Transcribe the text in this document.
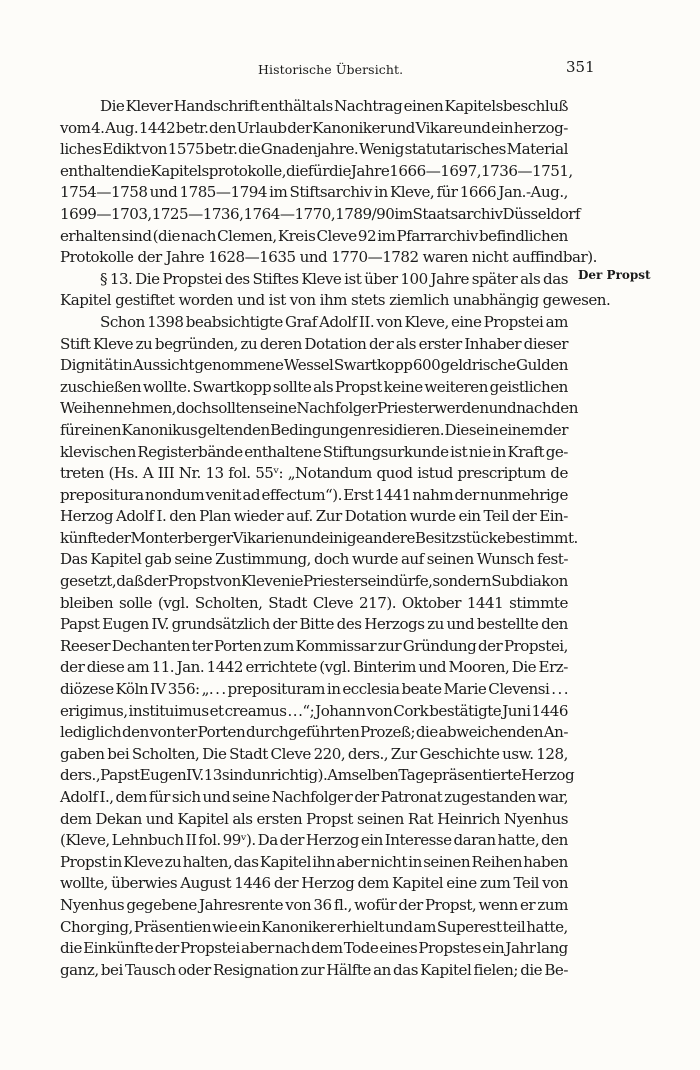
Historische Übersicht.	351
Der Propst
Die Klever Handschrift enthält als Nachtrag einen Kapitelsbeschluß
vom 4. Aug. 1442 betr. den Urlaub der Kanoniker und Vikare und ein herzog-
liches Edikt von 1575 betr. die Gnadenjahre. Wenig statutarisches Material
enthalten die Kapitelsprotokolle, die für die Jahre 1666—1697, 1736—1751,
1754—1758 und 1785—1794 im Stiftsarchiv in Kleve, für 1666 Jan.-Aug.,
1699—1703, 1725—1736, 1764—1770, 1789/90 im Staatsarchiv Düsseldorf
erhalten sind (die nach Clemen, Kreis Cleve 92 im Pfarrarchiv befindlichen
Protokolle der Jahre 1628—1635 und 1770—1782 waren nicht auffindbar).
§ 13. Die Propstei des Stiftes Kleve ist über 100 Jahre später als das
Kapitel gestiftet worden und ist von ihm stets ziemlich unabhängig gewesen.
Schon 1398 beabsichtigte Graf Adolf II. von Kleve, eine Propstei am
Stift Kleve zu begründen, zu deren Dotation der als erster Inhaber dieser
Dignität in Aussicht genommene Wessel Swartkopp 600 geldrische Gulden
zuschießen wollte. Swartkopp sollte als Propst keine weiteren geistlichen
Weihen nehmen, doch sollten seine Nachfolger Priester werden und nach den
für einen Kanonikus geltenden Bedingungen residieren. Diese in einem der
klevischen Registerbände enthaltene Stiftungsurkunde ist nie in Kraft ge-
treten (Hs. A III Nr. 13 fol. 55ᵛ: „Notandum quod istud prescriptum de
prepositura nondum venit ad effectum“). Erst 1441 nahm der nunmehrige
Herzog Adolf I. den Plan wieder auf. Zur Dotation wurde ein Teil der Ein-
künfte der Monterberger Vikarien und einige andere Besitzstücke bestimmt.
Das Kapitel gab seine Zustimmung, doch wurde auf seinen Wunsch fest-
gesetzt, daß der Propst von Kleve nie Priester sein dürfe, sondern Subdiakon
bleiben solle (vgl. Scholten, Stadt Cleve 217). Oktober 1441 stimmte
Papst Eugen IV. grundsätzlich der Bitte des Herzogs zu und bestellte den
Reeser Dechanten ter Porten zum Kommissar zur Gründung der Propstei,
der diese am 11. Jan. 1442 errichtete (vgl. Binterim und Mooren, Die Erz-
diözese Köln IV 356: „. . . preposituram in ecclesia beate Marie Clevensi . . .
erigimus, instituimus et creamus . . .“; Johann von Cork bestätigte Juni 1446
lediglich den von ter Porten durchgeführten Prozeß; die abweichenden An-
gaben bei Scholten, Die Stadt Cleve 220, ders., Zur Geschichte usw. 128,
ders., Papst Eugen IV. 13 sind unrichtig). Am selben Tage präsentierte Herzog
Adolf I., dem für sich und seine Nachfolger der Patronat zugestanden war,
dem Dekan und Kapitel als ersten Propst seinen Rat Heinrich Nyenhus
(Kleve, Lehnbuch II fol. 99ᵛ). Da der Herzog ein Interesse daran hatte, den
Propst in Kleve zu halten, das Kapitel ihn aber nicht in seinen Reihen haben
wollte, überwies August 1446 der Herzog dem Kapitel eine zum Teil von
Nyenhus gegebene Jahresrente von 36 fl., wofür der Propst, wenn er zum
Chor ging, Präsentien wie ein Kanoniker erhielt und am Superest teil hatte,
die Einkünfte der Propstei aber nach dem Tode eines Propstes ein Jahr lang
ganz, bei Tausch oder Resignation zur Hälfte an das Kapitel fielen; die Be-
